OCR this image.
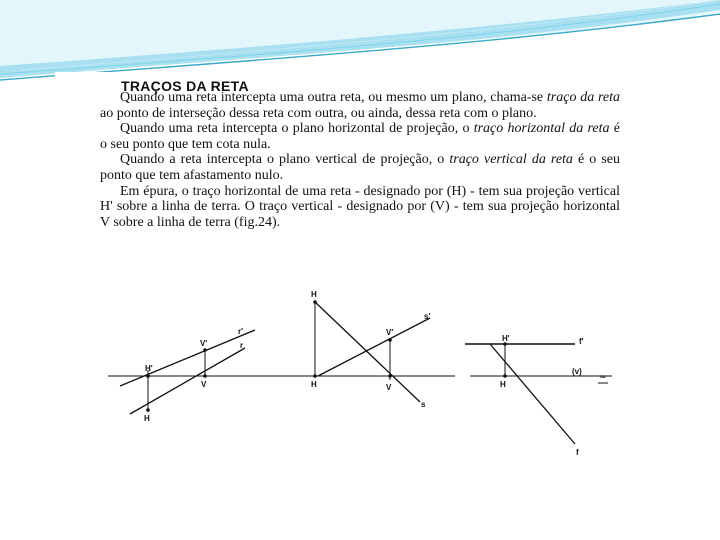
TRAÇOS DA RETA

Quando uma reta intercepta uma outra reta, ou mesmo um plano, chama-se traço da reta ao ponto de interseção dessa reta com outra, ou ainda, dessa reta com o plano.

Quando uma reta intercepta o plano horizontal de projeção, o traço horizontal da reta é o seu ponto que tem cota nula.

Quando a reta intercepta o plano vertical de projeção, o traço vertical da reta é o seu ponto que tem afastamento nulo.

Em épura, o traço horizontal de uma reta - designado por (H) - tem sua projeção vertical H' sobre a linha de terra. O traço vertical - designado por (V) - tem sua projeção horizontal V sobre a linha de terra (fig.24).

r'
V'	r
H'
V
H
H
s'
V'
H	V
s
H'	f'
(v)
∞
H
f
